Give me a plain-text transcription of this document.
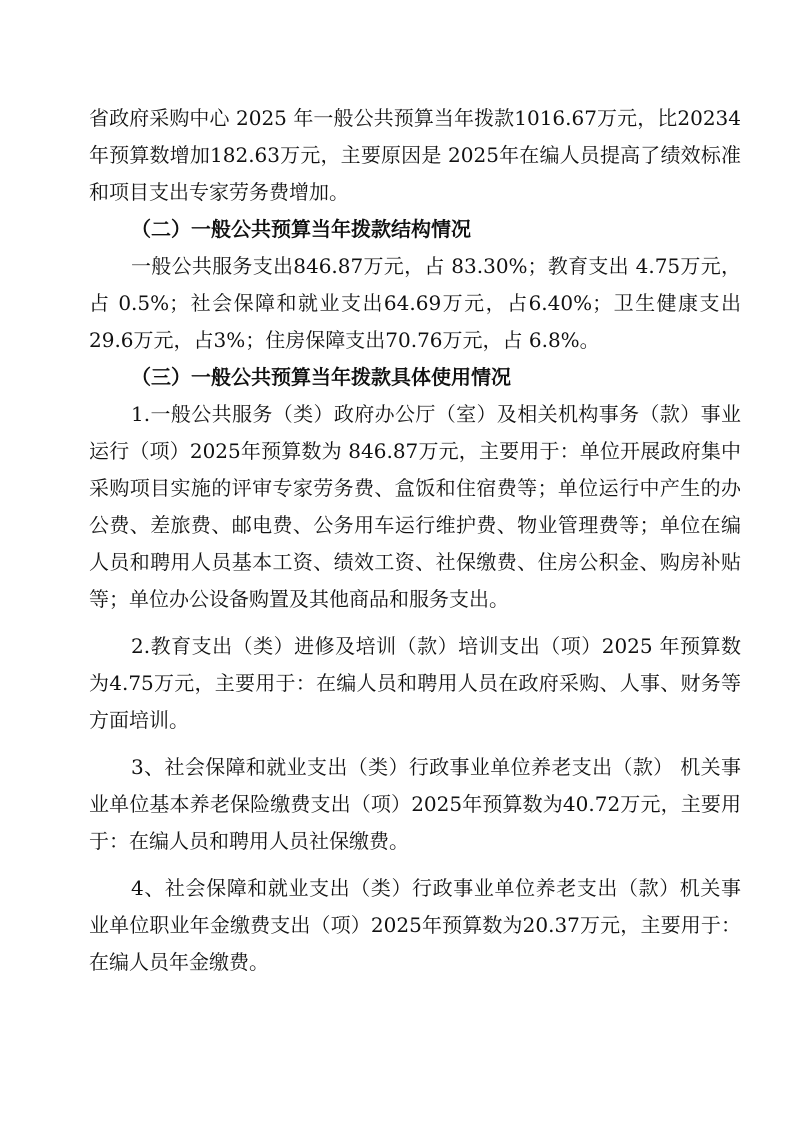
省政府采购中心 2025 年一般公共预算当年拨款1016.67万元，比20234年预算数增加182.63万元，主要原因是 2025年在编人员提高了绩效标准和项目支出专家劳务费增加。

（二）一般公共预算当年拨款结构情况

一般公共服务支出846.87万元，占 83.30%；教育支出 4.75万元，占 0.5%；社会保障和就业支出64.69万元，占6.40%；卫生健康支出29.6万元，占3%；住房保障支出70.76万元，占 6.8%。

（三）一般公共预算当年拨款具体使用情况

1.一般公共服务（类）政府办公厅（室）及相关机构事务（款）事业运行（项）2025年预算数为 846.87万元，主要用于：单位开展政府集中采购项目实施的评审专家劳务费、盒饭和住宿费等；单位运行中产生的办公费、差旅费、邮电费、公务用车运行维护费、物业管理费等；单位在编人员和聘用人员基本工资、绩效工资、社保缴费、住房公积金、购房补贴等；单位办公设备购置及其他商品和服务支出。

2.教育支出（类）进修及培训（款）培训支出（项）2025 年预算数为4.75万元，主要用于：在编人员和聘用人员在政府采购、人事、财务等方面培训。

3、社会保障和就业支出（类）行政事业单位养老支出（款） 机关事业单位基本养老保险缴费支出（项）2025年预算数为40.72万元，主要用于：在编人员和聘用人员社保缴费。

4、社会保障和就业支出（类）行政事业单位养老支出（款）机关事业单位职业年金缴费支出（项）2025年预算数为20.37万元，主要用于：在编人员年金缴费。
